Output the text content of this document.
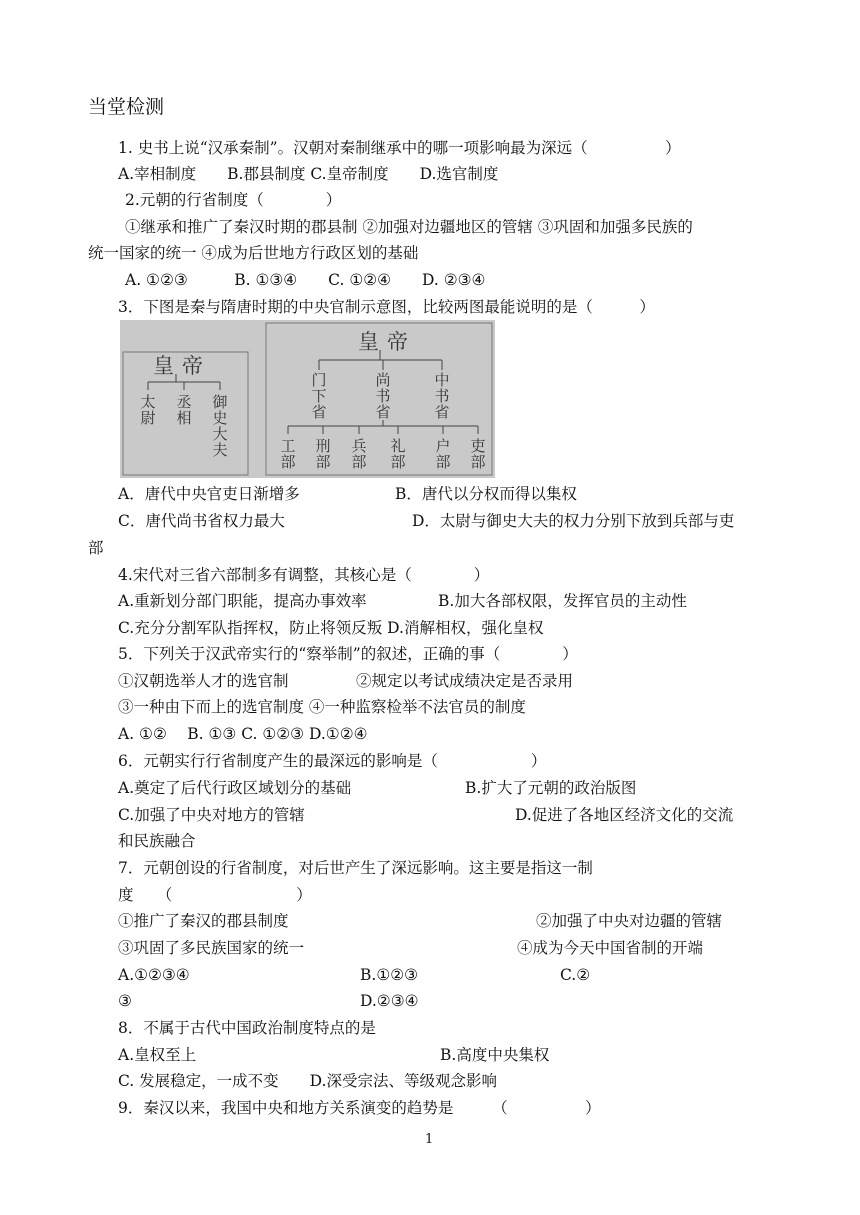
当堂检测
1. 史书上说“汉承秦制”。汉朝对秦制继承中的哪一项影响最为深远（　　　　　）
A.宰相制度　　B.郡县制度 C.皇帝制度　　D.选官制度
2.元朝的行省制度（　　　　）
①继承和推广了秦汉时期的郡县制 ②加强对边疆地区的管辖 ③巩固和加强多民族的
统一国家的统一 ④成为后世地方行政区划的基础
A. ①②③　　　B. ①③④　　C. ①②④　　D. ②③④
3．下图是秦与隋唐时期的中央官制示意图，比较两图最能说明的是（　　　）
皇帝
太尉
丞相
御史大夫
皇帝
门下省
尚书省
中书省
工部
刑部
兵部
礼部
户部
吏部
A．唐代中央官吏日渐增多	B．唐代以分权而得以集权
C．唐代尚书省权力最大	D．太尉与御史大夫的权力分别下放到兵部与吏
部
4.宋代对三省六部制多有调整，其核心是（　　　　）
A.重新划分部门职能，提高办事效率	B.加大各部权限，发挥官员的主动性
C.充分分割军队指挥权，防止将领反叛 D.消解相权，强化皇权
5．下列关于汉武帝实行的“察举制”的叙述，正确的事（　　　　）
①汉朝选举人才的选官制	②规定以考试成绩决定是否录用
③一种由下而上的选官制度 ④一种监察检举不法官员的制度
A. ①②　 B. ①③ C. ①②③ D.①②④
6．元朝实行行省制度产生的最深远的影响是（　　　　　　）
A.奠定了后代行政区域划分的基础	B.扩大了元朝的政治版图
C.加强了中央对地方的管辖	D.促进了各地区经济文化的交流
和民族融合
7．元朝创设的行省制度，对后世产生了深远影响。这主要是指这一制
度　　（　　　　　　　　）
①推广了秦汉的郡县制度	②加强了中央对边疆的管辖
③巩固了多民族国家的统一	④成为今天中国省制的开端
A.①②③④	B.①②③	C.②
③	D.②③④
8．不属于古代中国政治制度特点的是
A.皇权至上	B.高度中央集权
C. 发展稳定，一成不变　　D.深受宗法、等级观念影响
9．秦汉以来，我国中央和地方关系演变的趋势是　　　（　　　　　）
1
